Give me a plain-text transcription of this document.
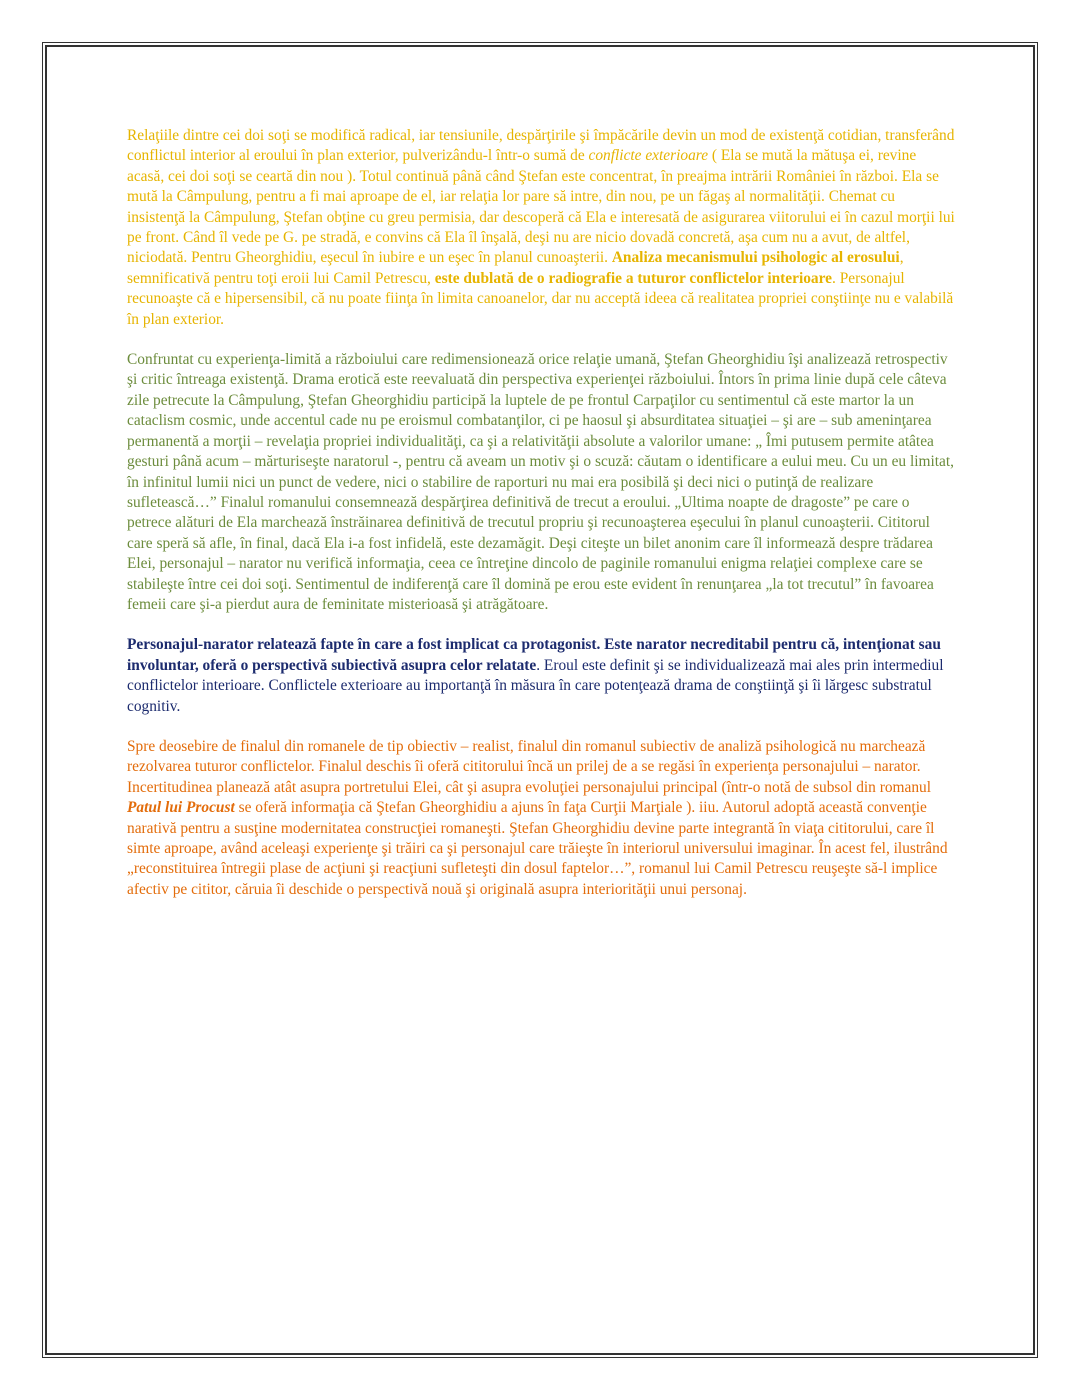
Relaţiile dintre cei doi soţi se modifică radical, iar tensiunile, despărţirile şi împăcările devin un mod de existenţă cotidian, transferând conflictul interior al eroului în plan exterior, pulverizându-l într-o sumă de conflicte exterioare ( Ela se mută la mătuşa ei, revine acasă, cei doi soţi se ceartă din nou ). Totul continuă până când Ştefan este concentrat, în preajma intrării României în război. Ela se mută la Câmpulung, pentru a fi mai aproape de el, iar relaţia lor pare să intre, din nou, pe un făgaş al normalităţii. Chemat cu insistenţă la Câmpulung, Ştefan obţine cu greu permisia, dar descoperă că Ela e interesată de asigurarea viitorului ei în cazul morţii lui pe front. Când îl vede pe G. pe stradă, e convins că Ela îl înşală, deşi nu are nicio dovadă concretă, aşa cum nu a avut, de altfel, niciodată. Pentru Gheorghidiu, eşecul în iubire e un eşec în planul cunoaşterii. Analiza mecanismului psihologic al erosului, semnificativă pentru toţi eroii lui Camil Petrescu, este dublată de o radiografie a tuturor conflictelor interioare. Personajul recunoaşte că e hipersensibil, că nu poate fiinţa în limita canoanelor, dar nu acceptă ideea că realitatea propriei conştiinţe nu e valabilă în plan exterior.

Confruntat cu experienţa-limită a războiului care redimensionează orice relaţie umană, Ştefan Gheorghidiu îşi analizează retrospectiv şi critic întreaga existenţă. Drama erotică este reevaluată din perspectiva experienţei războiului. Întors în prima linie după cele câteva zile petrecute la Câmpulung, Ştefan Gheorghidiu participă la luptele de pe frontul Carpaţilor cu sentimentul că este martor la un cataclism cosmic, unde accentul cade nu pe eroismul combatanţilor, ci pe haosul şi absurditatea situaţiei – şi are – sub ameninţarea permanentă a morţii – revelaţia propriei individualităţi, ca şi a relativităţii absolute a valorilor umane: „ Îmi putusem permite atâtea gesturi până acum – mărturiseşte naratorul -, pentru că aveam un motiv şi o scuză: căutam o identificare a eului meu. Cu un eu limitat, în infinitul lumii nici un punct de vedere, nici o stabilire de raporturi nu mai era posibilă şi deci nici o putinţă de realizare sufletească…” Finalul romanului consemnează despărţirea definitivă de trecut a eroului. „Ultima noapte de dragoste” pe care o petrece alături de Ela marchează înstrăinarea definitivă de trecutul propriu şi recunoaşterea eşecului în planul cunoaşterii. Cititorul care speră să afle, în final, dacă Ela i-a fost infidelă, este dezamăgit. Deşi citeşte un bilet anonim care îl informează despre trădarea Elei, personajul – narator nu verifică informaţia, ceea ce întreţine dincolo de paginile romanului enigma relaţiei complexe care se stabileşte între cei doi soţi. Sentimentul de indiferenţă care îl domină pe erou este evident în renunţarea „la tot trecutul” în favoarea femeii care şi-a pierdut aura de feminitate misterioasă şi atrăgătoare.

Personajul-narator relatează fapte în care a fost implicat ca protagonist. Este narator necreditabil pentru că, intenţionat sau involuntar, oferă o perspectivă subiectivă asupra celor relatate. Eroul este definit şi se individualizează mai ales prin intermediul conflictelor interioare. Conflictele exterioare au importanţă în măsura în care potenţează drama de conştiinţă şi îi lărgesc substratul cognitiv.

Spre deosebire de finalul din romanele de tip obiectiv – realist, finalul din romanul subiectiv de analiză psihologică nu marchează rezolvarea tuturor conflictelor. Finalul deschis îi oferă cititorului încă un prilej de a se regăsi în experienţa personajului – narator. Incertitudinea planează atât asupra portretului Elei, cât şi asupra evoluţiei personajului principal (într-o notă de subsol din romanul Patul lui Procust se oferă informaţia că Ştefan Gheorghidiu a ajuns în faţa Curţii Marţiale ). iiu. Autorul adoptă această convenţie narativă pentru a susţine modernitatea construcţiei romaneşti. Ştefan Gheorghidiu devine parte integrantă în viaţa cititorului, care îl simte aproape, având aceleaşi experienţe şi trăiri ca şi personajul care trăieşte în interiorul universului imaginar. În acest fel, ilustrând „reconstituirea întregii plase de acţiuni şi reacţiuni sufleteşti din dosul faptelor…”, romanul lui Camil Petrescu reuşeşte să-l implice afectiv pe cititor, căruia îi deschide o perspectivă nouă şi originală asupra interiorităţii unui personaj.
